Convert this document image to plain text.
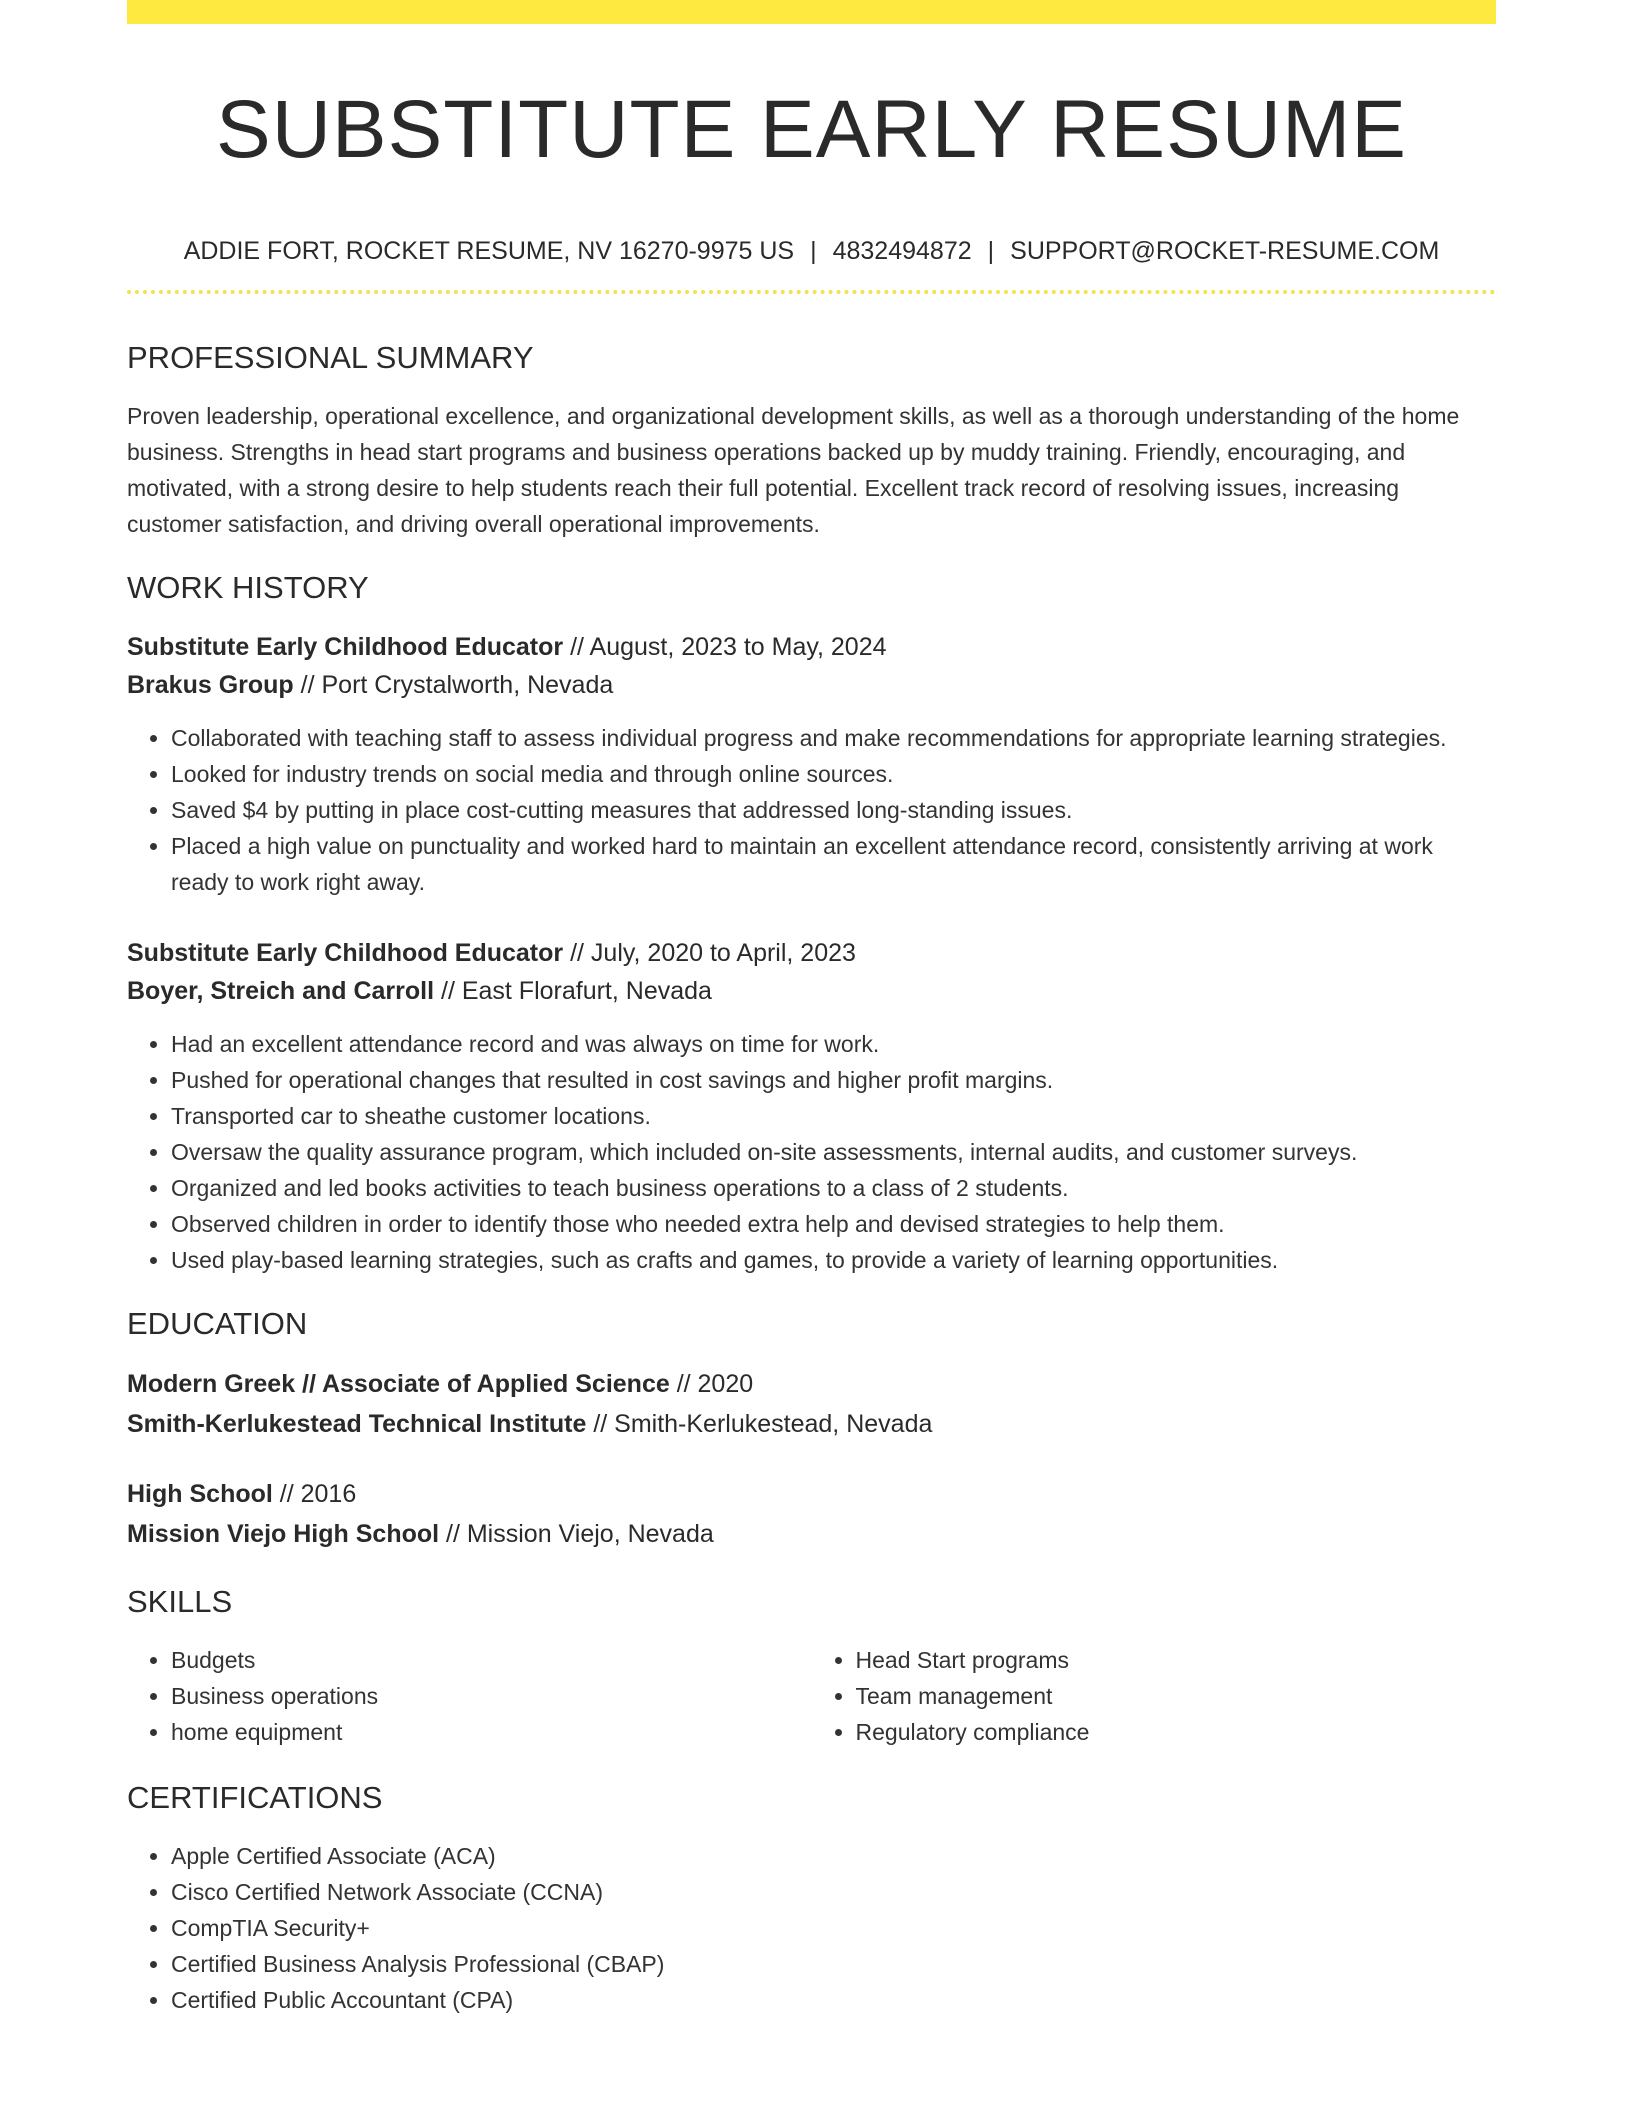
SUBSTITUTE EARLY RESUME
ADDIE FORT, ROCKET RESUME, NV 16270-9975 US | 4832494872 | SUPPORT@ROCKET-RESUME.COM
PROFESSIONAL SUMMARY

Proven leadership, operational excellence, and organizational development skills, as well as a thorough understanding of the home business. Strengths in head start programs and business operations backed up by muddy training. Friendly, encouraging, and motivated, with a strong desire to help students reach their full potential. Excellent track record of resolving issues, increasing customer satisfaction, and driving overall operational improvements.

WORK HISTORY
Substitute Early Childhood Educator // August, 2023 to May, 2024
Brakus Group // Port Crystalworth, Nevada
• Collaborated with teaching staff to assess individual progress and make recommendations for appropriate learning strategies.
• Looked for industry trends on social media and through online sources.
• Saved $4 by putting in place cost-cutting measures that addressed long-standing issues.
• Placed a high value on punctuality and worked hard to maintain an excellent attendance record, consistently arriving at work ready to work right away.
Substitute Early Childhood Educator // July, 2020 to April, 2023
Boyer, Streich and Carroll // East Florafurt, Nevada
• Had an excellent attendance record and was always on time for work.
• Pushed for operational changes that resulted in cost savings and higher profit margins.
• Transported car to sheathe customer locations.
• Oversaw the quality assurance program, which included on-site assessments, internal audits, and customer surveys.
• Organized and led books activities to teach business operations to a class of 2 students.
• Observed children in order to identify those who needed extra help and devised strategies to help them.
• Used play-based learning strategies, such as crafts and games, to provide a variety of learning opportunities.
EDUCATION
Modern Greek // Associate of Applied Science // 2020
Smith-Kerlukestead Technical Institute // Smith-Kerlukestead, Nevada
High School // 2016
Mission Viejo High School // Mission Viejo, Nevada
SKILLS
• Budgets
• Business operations
• home equipment
• Head Start programs
• Team management
• Regulatory compliance
CERTIFICATIONS
• Apple Certified Associate (ACA)
• Cisco Certified Network Associate (CCNA)
• CompTIA Security+
• Certified Business Analysis Professional (CBAP)
• Certified Public Accountant (CPA)
